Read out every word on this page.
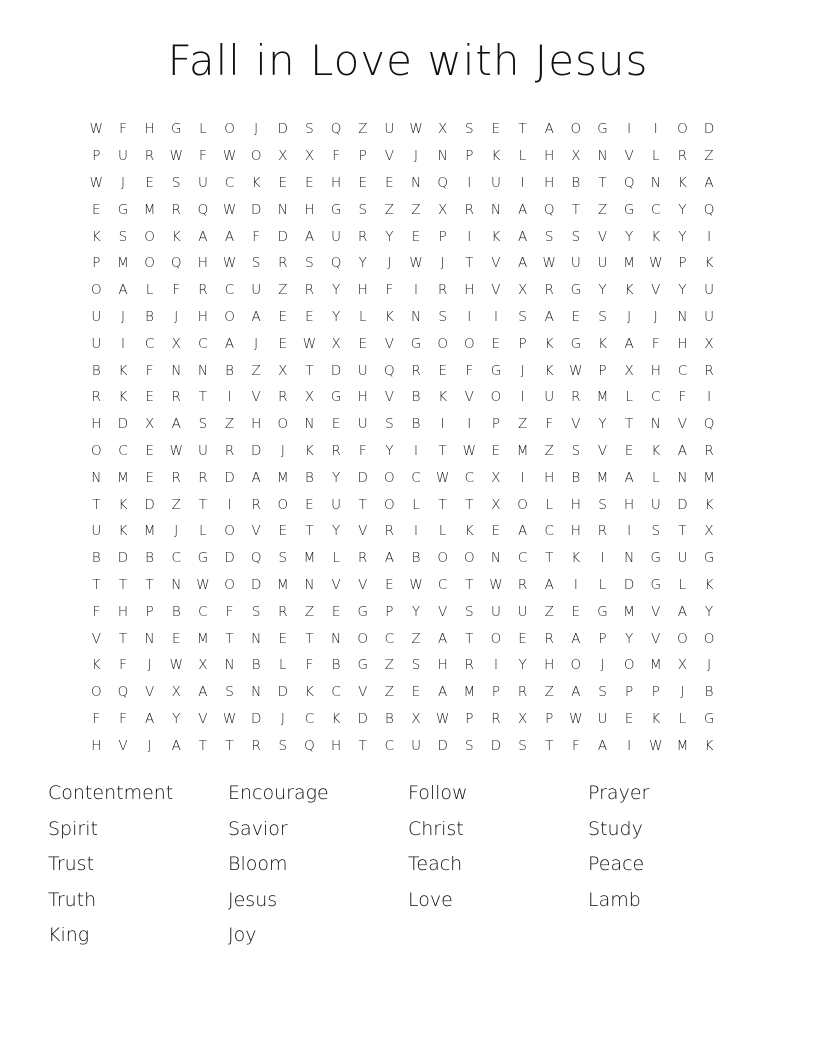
Fall in Love with Jesus
W	F	H	G	L	O	J	D	S	Q	Z	U	W	X	S	E	T	A	O	G	I	I	O	D
P	U	R	W	F	W	O	X	X	F	P	V	J	N	P	K	L	H	X	N	V	L	R	Z
W	J	E	S	U	C	K	E	E	H	E	E	N	Q	I	U	I	H	B	T	Q	N	K	A
E	G	M	R	Q	W	D	N	H	G	S	Z	Z	X	R	N	A	Q	T	Z	G	C	Y	Q
K	S	O	K	A	A	F	D	A	U	R	Y	E	P	I	K	A	S	S	V	Y	K	Y	I
P	M	O	Q	H	W	S	R	S	Q	Y	J	W	J	T	V	A	W	U	U	M	W	P	K
O	A	L	F	R	C	U	Z	R	Y	H	F	I	R	H	V	X	R	G	Y	K	V	Y	U
U	J	B	J	H	O	A	E	E	Y	L	K	N	S	I	I	S	A	E	S	J	J	N	U
U	I	C	X	C	A	J	E	W	X	E	V	G	O	O	E	P	K	G	K	A	F	H	X
B	K	F	N	N	B	Z	X	T	D	U	Q	R	E	F	G	J	K	W	P	X	H	C	R
R	K	E	R	T	I	V	R	X	G	H	V	B	K	V	O	I	U	R	M	L	C	F	I
H	D	X	A	S	Z	H	O	N	E	U	S	B	I	I	P	Z	F	V	Y	T	N	V	Q
O	C	E	W	U	R	D	J	K	R	F	Y	I	T	W	E	M	Z	S	V	E	K	A	R
N	M	E	R	R	D	A	M	B	Y	D	O	C	W	C	X	I	H	B	M	A	L	N	M
T	K	D	Z	T	I	R	O	E	U	T	O	L	T	T	X	O	L	H	S	H	U	D	K
U	K	M	J	L	O	V	E	T	Y	V	R	I	L	K	E	A	C	H	R	I	S	T	X
B	D	B	C	G	D	Q	S	M	L	R	A	B	O	O	N	C	T	K	I	N	G	U	G
T	T	T	N	W	O	D	M	N	V	V	E	W	C	T	W	R	A	I	L	D	G	L	K
F	H	P	B	C	F	S	R	Z	E	G	P	Y	V	S	U	U	Z	E	G	M	V	A	Y
V	T	N	E	M	T	N	E	T	N	O	C	Z	A	T	O	E	R	A	P	Y	V	O	O
K	F	J	W	X	N	B	L	F	B	G	Z	S	H	R	I	Y	H	O	J	O	M	X	J
O	Q	V	X	A	S	N	D	K	C	V	Z	E	A	M	P	R	Z	A	S	P	P	J	B
F	F	A	Y	V	W	D	J	C	K	D	B	X	W	P	R	X	P	W	U	E	K	L	G
H	V	J	A	T	T	R	S	Q	H	T	C	U	D	S	D	S	T	F	A	I	W	M	K
Contentment	Encourage	Follow	Prayer
Spirit	Savior	Christ	Study
Trust	Bloom	Teach	Peace
Truth	Jesus	Love	Lamb
King	Joy
